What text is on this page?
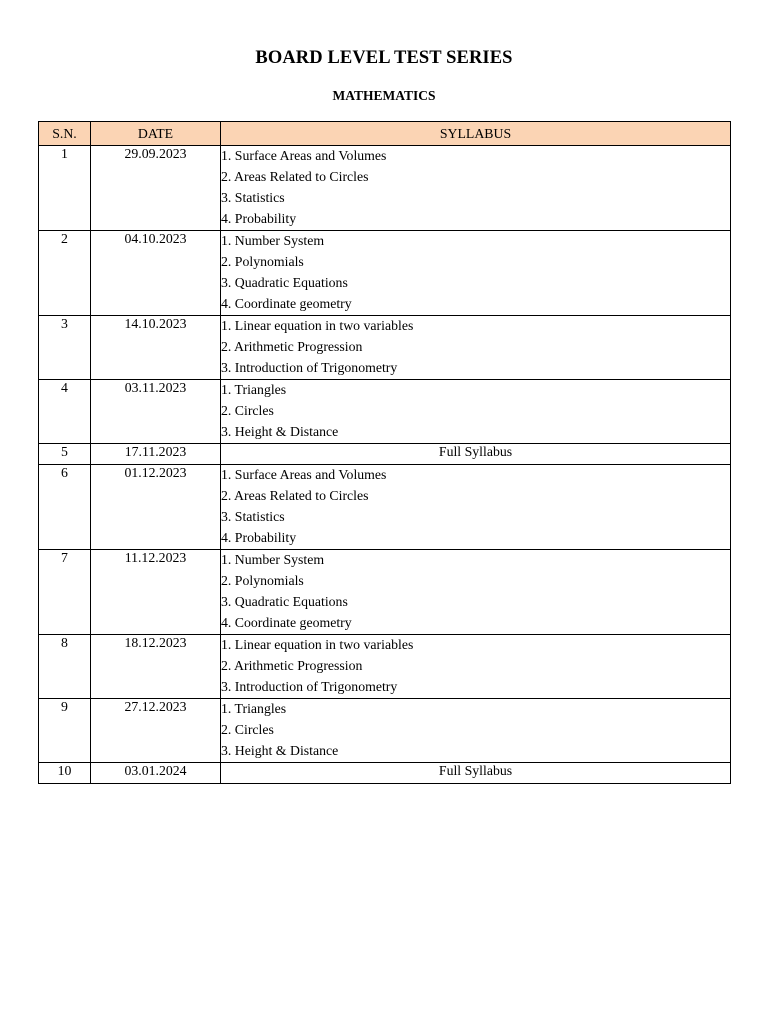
BOARD LEVEL TEST SERIES
MATHEMATICS
S.N.	DATE	SYLLABUS
1	29.09.2023	1. Surface Areas and Volumes
2. Areas Related to Circles
3. Statistics
4. Probability

2	04.10.2023	1. Number System
2. Polynomials
3. Quadratic Equations
4. Coordinate geometry

3	14.10.2023	1. Linear equation in two variables
2. Arithmetic Progression
3. Introduction of Trigonometry

4	03.11.2023	1. Triangles
2. Circles
3. Height & Distance

5	17.11.2023	Full Syllabus
6	01.12.2023	1. Surface Areas and Volumes
2. Areas Related to Circles
3. Statistics
4. Probability

7	11.12.2023	1. Number System
2. Polynomials
3. Quadratic Equations
4. Coordinate geometry

8	18.12.2023	1. Linear equation in two variables
2. Arithmetic Progression
3. Introduction of Trigonometry

9	27.12.2023	1. Triangles
2. Circles
3. Height & Distance

10	03.01.2024	Full Syllabus
